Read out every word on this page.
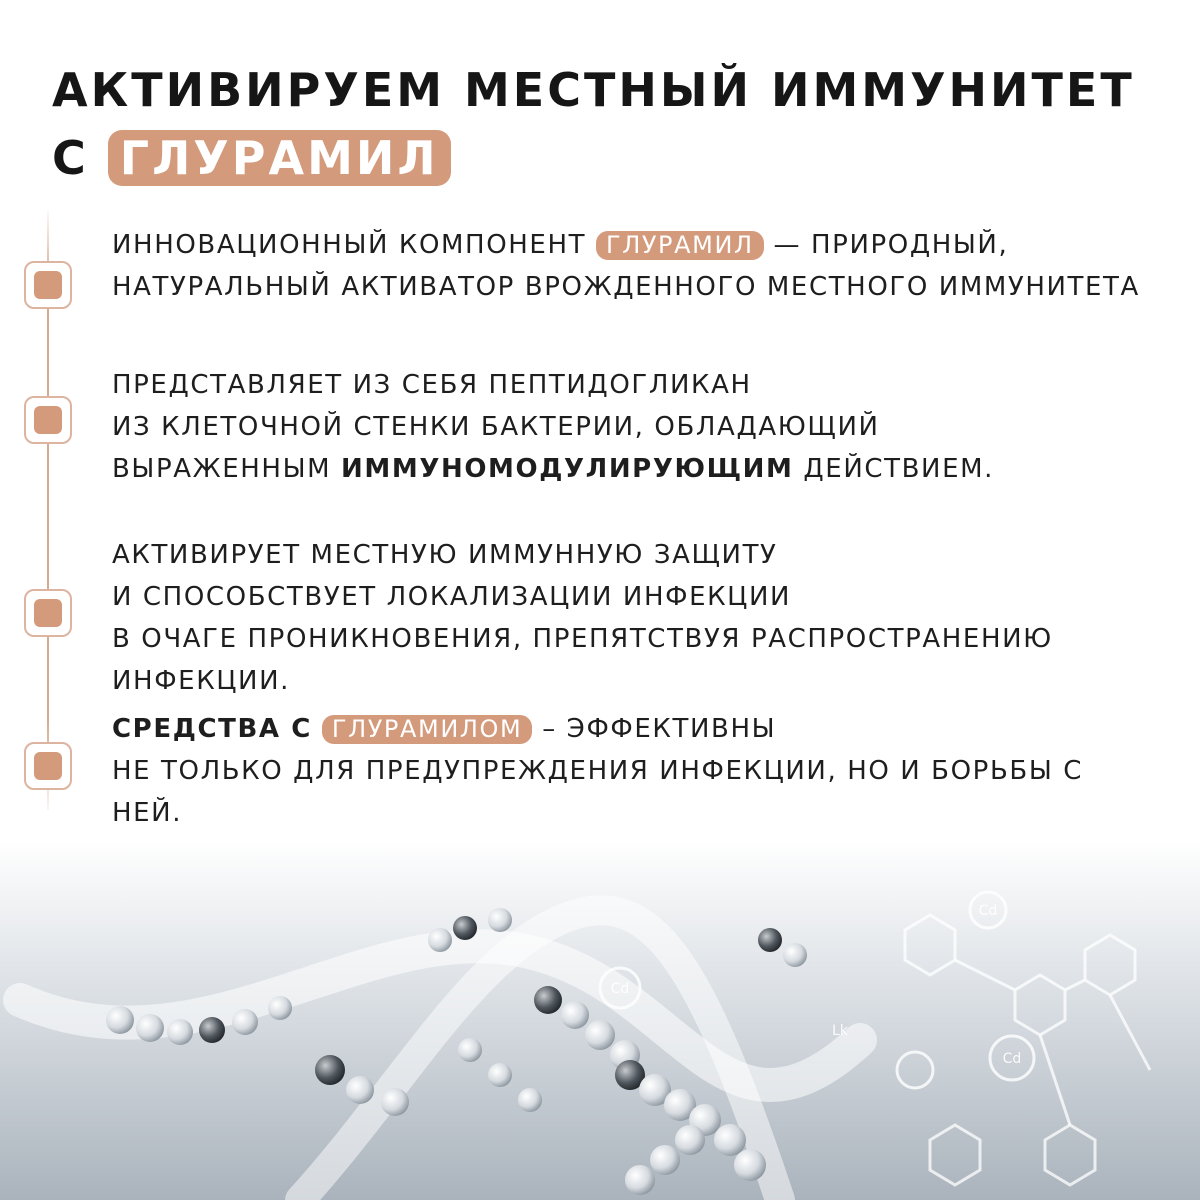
АКТИВИРУЕМ МЕСТНЫЙ ИММУНИТЕТ
С ГЛУРАМИЛ

ИННОВАЦИОННЫЙ КОМПОНЕНТ ГЛУРАМИЛ — ПРИРОДНЫЙ, НАТУРАЛЬНЫЙ АКТИВАТОР ВРОЖДЕННОГО МЕСТНОГО ИММУНИТЕТА

ПРЕДСТАВЛЯЕТ ИЗ СЕБЯ ПЕПТИДОГЛИКАН
ИЗ КЛЕТОЧНОЙ СТЕНКИ БАКТЕРИИ, ОБЛАДАЮЩИЙ
ВЫРАЖЕННЫМ ИММУНОМОДУЛИРУЮЩИМ ДЕЙСТВИЕМ.

АКТИВИРУЕТ МЕСТНУЮ ИММУННУЮ ЗАЩИТУ
И СПОСОБСТВУЕТ ЛОКАЛИЗАЦИИ ИНФЕКЦИИ
В ОЧАГЕ ПРОНИКНОВЕНИЯ, ПРЕПЯТСТВУЯ РАСПРОСТРАНЕНИЮ
ИНФЕКЦИИ.

СРЕДСТВА С ГЛУРАМИЛОМ – ЭФФЕКТИВНЫ
НЕ ТОЛЬКО ДЛЯ ПРЕДУПРЕЖДЕНИЯ ИНФЕКЦИИ, НО И БОРЬБЫ С
НЕЙ.

Cd
Cd
Lk
Cd
